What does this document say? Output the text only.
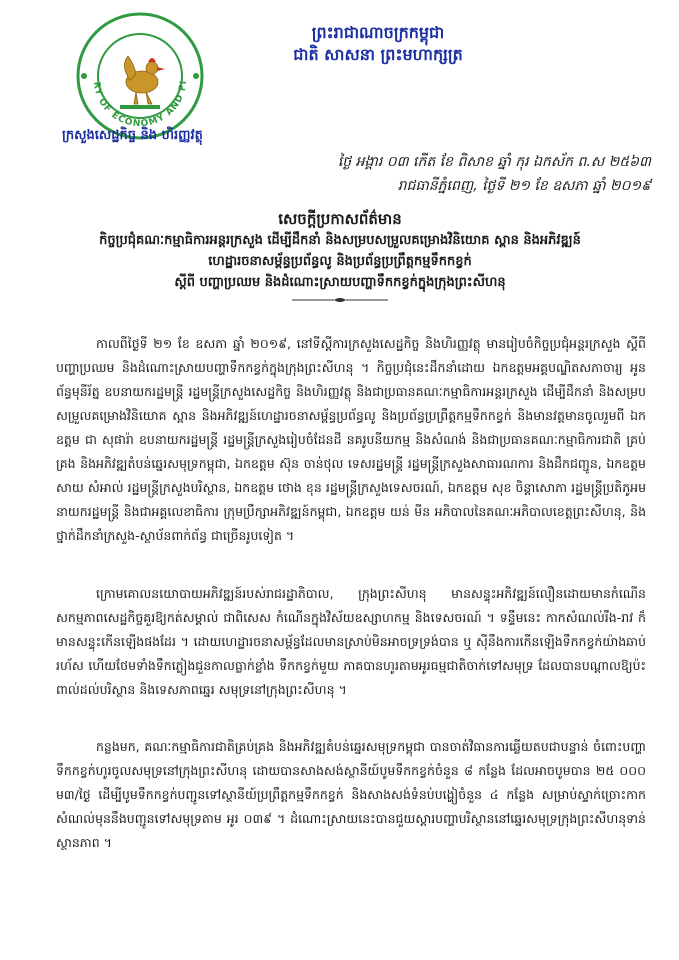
RY OF ECONOMY AND FI
ក្រសួងសេដ្ឋកិច្ច និង ហិរញ្ញវត្ថុ
ព្រះរាជាណាចក្រកម្ពុជា
ជាតិ សាសនា ព្រះមហាក្សត្រ
ថ្ងៃ អង្គារ ០៣ កើត ខែ ពិសាខ ឆ្នាំ កុរ ឯកស័ក ព.ស ២៥៦៣
រាជធានីភ្នំពេញ, ថ្ងៃទី ២១ ខែ ឧសភា ឆ្នាំ ២០១៩
សេចក្តីប្រកាសព័ត៌មាន
កិច្ចប្រជុំគណៈកម្មាធិការអន្តរក្រសួង ដើម្បីដឹកនាំ និងសម្របសម្រួលគម្រោងវិនិយោគ ស្ពាន និងអភិវឌ្ឍន៍
ហេដ្ឋារចនាសម្ព័ន្ធប្រព័ន្ធលូ និងប្រព័ន្ធប្រព្រឹត្តកម្មទឹកកខ្វក់
ស្តីពី បញ្ហាប្រឈម និងដំណោះស្រាយបញ្ហាទឹកកខ្វក់ក្នុងក្រុងព្រះសីហនុ

កាលពីថ្ងៃទី ២១ ខែ ឧសភា ឆ្នាំ ២០១៩, នៅទីស្តីការក្រសួងសេដ្ឋកិច្ច និងហិរញ្ញវត្ថុ មានរៀបចំកិច្ចប្រជុំអន្តរក្រសួង ស្តីពីបញ្ហាប្រឈម និងដំណោះស្រាយបញ្ហាទឹកកខ្វក់ក្នុងក្រុងព្រះសីហនុ ។ កិច្ចប្រជុំនេះដឹកនាំដោយ ឯកឧត្តមអគ្គបណ្ឌិតសភាចារ្យ អូន ព័ន្ធមុនីរ័ត្ន ឧបនាយករដ្ឋមន្ត្រី រដ្ឋមន្ត្រីក្រសួងសេដ្ឋកិច្ច និងហិរញ្ញវត្ថុ និងជាប្រធានគណៈកម្មាធិការអន្តរក្រសួង ដើម្បីដឹកនាំ និងសម្របសម្រួលគម្រោងវិនិយោគ ស្ពាន និងអភិវឌ្ឍន៍ហេដ្ឋារចនាសម្ព័ន្ធប្រព័ន្ធលូ និងប្រព័ន្ធប្រព្រឹត្តកម្មទឹកកខ្វក់ និងមានវត្តមានចូលរួមពី ឯកឧត្តម ជា សុផារ៉ា ឧបនាយករដ្ឋមន្ត្រី រដ្ឋមន្ត្រីក្រសួងរៀបចំដែនដី នគរូបនីយកម្ម និងសំណង់ និងជាប្រធានគណៈកម្មាធិការជាតិ គ្រប់គ្រង និងអភិវឌ្ឍតំបន់ឆ្នេរសមុទ្រកម្ពុជា, ឯកឧត្តម ស៊ុន ចាន់ថុល ទេសរដ្ឋមន្ត្រី រដ្ឋមន្ត្រីក្រសួងសាធារណការ និងដឹកជញ្ជូន, ឯកឧត្តម សាយ សំអាល់ រដ្ឋមន្ត្រីក្រសួងបរិស្ថាន, ឯកឧត្តម ថោង ខុន រដ្ឋមន្ត្រីក្រសួងទេសចរណ៍, ឯកឧត្តម សុខ ចិន្តាសោភា រដ្ឋមន្ត្រីប្រតិភូអមនាយករដ្ឋមន្ត្រី និងជាអគ្គលេខាធិការ ក្រុមប្រឹក្សាអភិវឌ្ឍន៍កម្ពុជា, ឯកឧត្តម យន់ មីន អភិបាលនៃគណៈអភិបាលខេត្តព្រះសីហនុ, និងថ្នាក់ដឹកនាំក្រសួង-ស្ថាប័នពាក់ព័ន្ធ ជាច្រើនរូបទៀត ។

ក្រោមគោលនយោបាយអភិវឌ្ឍន៍របស់រាជរដ្ឋាភិបាល, ក្រុងព្រះសីហនុ មានសន្ទុះអភិវឌ្ឍន៍លឿនដោយមានកំណើនសកម្មភាពសេដ្ឋកិច្ចគួរឱ្យកត់សម្គាល់ ជាពិសេស កំណើនក្នុងវិស័យឧស្សាហកម្ម និងទេសចរណ៍ ។ ទន្ទឹមនេះ កាកសំណល់រឹង-រាវ ក៏មានសន្ទុះកើនឡើងផងដែរ ។ ដោយហេដ្ឋារចនាសម្ព័ន្ធដែលមានស្រាប់មិនអាចទ្រទ្រង់បាន ឬ ស៊ីនឹងការកើនឡើងទឹកកខ្វក់យ៉ាងឆាប់រហ័ស ហើយថែមទាំងទឹកភ្លៀងជួនកាលធ្លាក់ខ្លាំង ទឹកកខ្វក់មួយ ភាគបានហូរតាមអូរធម្មជាតិចាក់ទៅសមុទ្រ ដែលបានបណ្តាលឱ្យប៉ះពាល់ដល់បរិស្ថាន និងទេសភាពឆ្នេរ សមុទ្រនៅក្រុងព្រះសីហនុ ។

កន្លងមក, គណៈកម្មាធិការជាតិគ្រប់គ្រង និងអភិវឌ្ឍតំបន់ឆ្នេរសមុទ្រកម្ពុជា បានចាត់វិធានការឆ្លើយតបជាបន្ទាន់ ចំពោះបញ្ហាទឹកកខ្វក់ហូរចូលសមុទ្រនៅក្រុងព្រះសីហនុ ដោយបានសាងសង់ស្ថានីយ៍បូមទឹកកខ្វក់ចំនួន ៨ កន្លែង ដែលអាចបូមបាន ២៥ ០០០ ម៣/ថ្ងៃ ដើម្បីបូមទឹកកខ្វក់បញ្ជូនទៅស្ថានីយ៍ប្រព្រឹត្តកម្មទឹកកខ្វក់ និងសាងសង់ទំនប់បង្ហៀចំនួន ៤ កន្លែង សម្រាប់ស្ទាក់ច្រោះកាកសំណល់មុននឹងបញ្ជូនទៅសមុទ្រតាម អូរ ០៣៩ ។ ដំណោះស្រាយនេះបានជួយស្ដារបញ្ហាបរិស្ថាននៅឆ្នេរសមុទ្រក្រុងព្រះសីហនុទាន់ស្ថានភាព ។
